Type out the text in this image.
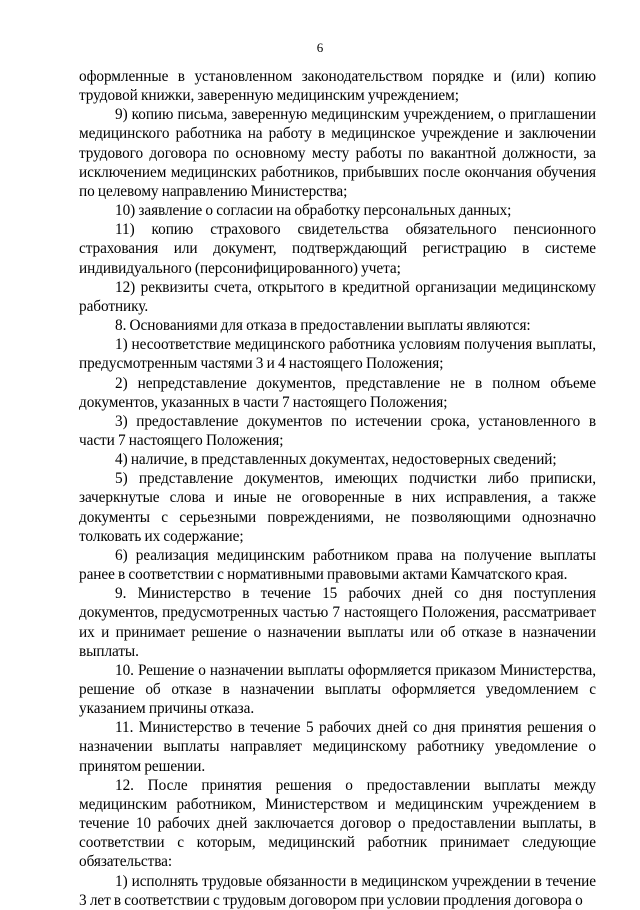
6

оформленные в установленном законодательством порядке и (или) копию трудовой книжки, заверенную медицинским учреждением;

9) копию письма, заверенную медицинским учреждением, о приглашении медицинского работника на работу в медицинское учреждение и заключении трудового договора по основному месту работы по вакантной должности, за исключением медицинских работников, прибывших после окончания обучения по целевому направлению Министерства;

10) заявление о согласии на обработку персональных данных;

11) копию страхового свидетельства обязательного пенсионного страхования или документ, подтверждающий регистрацию в системе индивидуального (персонифицированного) учета;

12) реквизиты счета, открытого в кредитной организации медицинскому работнику.

8. Основаниями для отказа в предоставлении выплаты являются:

1) несоответствие медицинского работника условиям получения выплаты, предусмотренным частями 3 и 4 настоящего Положения;

2) непредставление документов, представление не в полном объеме документов, указанных в части 7 настоящего Положения;

3) предоставление документов по истечении срока, установленного в части 7 настоящего Положения;

4) наличие, в представленных документах, недостоверных сведений;

5) представление документов, имеющих подчистки либо приписки, зачеркнутые слова и иные не оговоренные в них исправления, а также документы с серьезными повреждениями, не позволяющими однозначно толковать их содержание;

6) реализация медицинским работником права на получение выплаты ранее в соответствии с нормативными правовыми актами Камчатского края.

9. Министерство в течение 15 рабочих дней со дня поступления документов, предусмотренных частью 7 настоящего Положения, рассматривает их и принимает решение о назначении выплаты или об отказе в назначении выплаты.

10. Решение о назначении выплаты оформляется приказом Министерства, решение об отказе в назначении выплаты оформляется уведомлением с указанием причины отказа.

11. Министерство в течение 5 рабочих дней со дня принятия решения о назначении выплаты направляет медицинскому работнику уведомление о принятом решении.

12. После принятия решения о предоставлении выплаты между медицинским работником, Министерством и медицинским учреждением в течение 10 рабочих дней заключается договор о предоставлении выплаты, в соответствии с которым, медицинский работник принимает следующие обязательства:

1) исполнять трудовые обязанности в медицинском учреждении в течение 3 лет в соответствии с трудовым договором при условии продления договора о
